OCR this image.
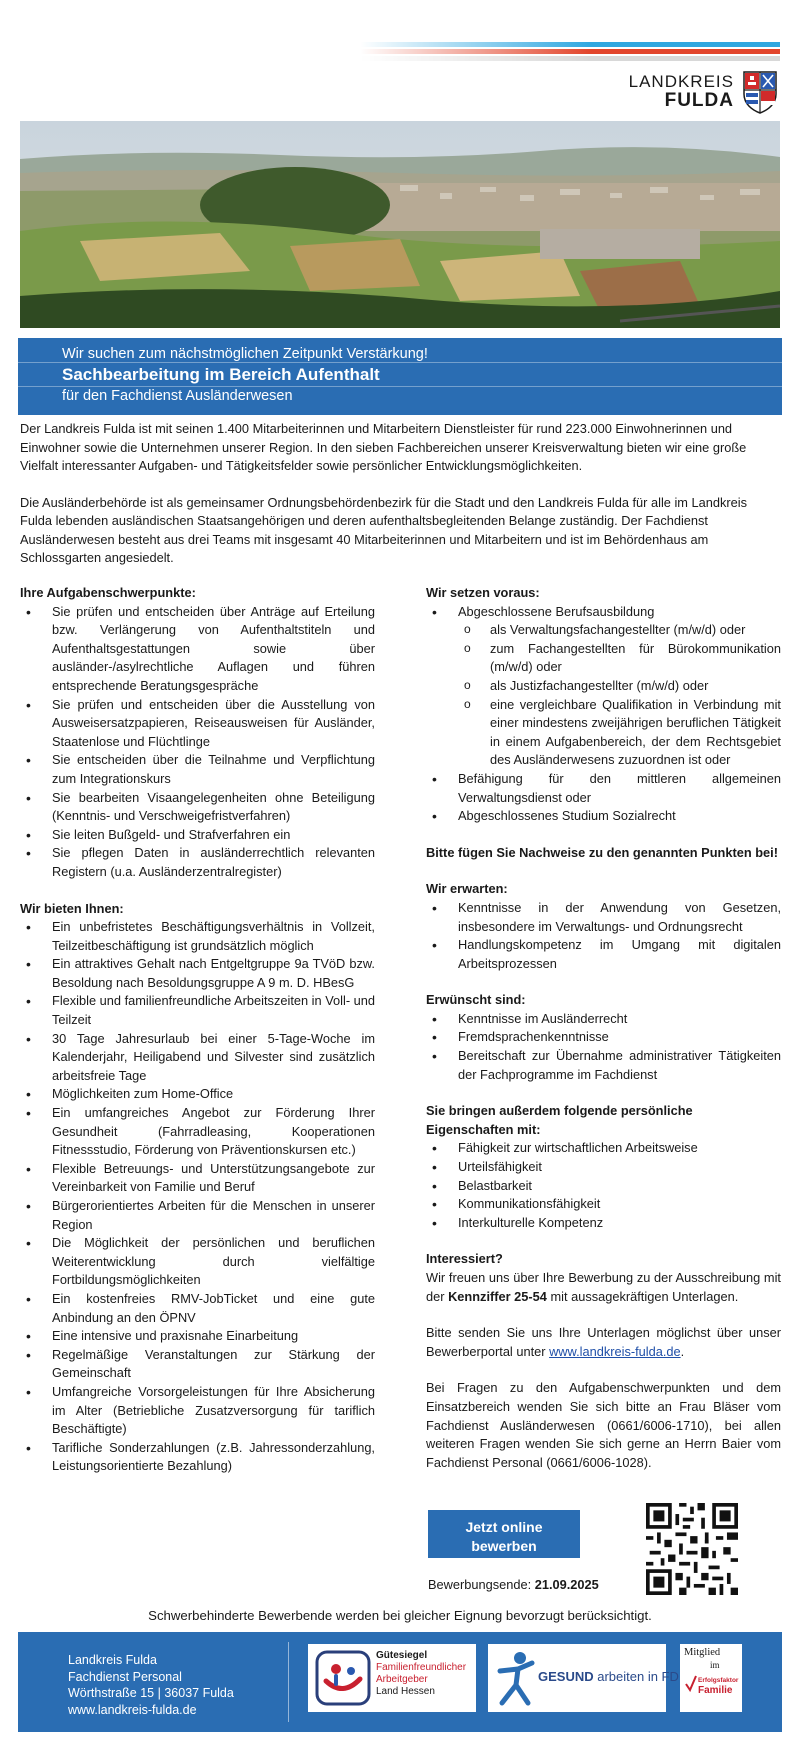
LANDKREIS
FULDA
Wir suchen zum nächstmöglichen Zeitpunkt Verstärkung!
Sachbearbeitung im Bereich Aufenthalt
für den Fachdienst Ausländerwesen

Der Landkreis Fulda ist mit seinen 1.400 Mitarbeiterinnen und Mitarbeitern Dienstleister für rund 223.000 Einwohnerinnen und Einwohner sowie die Unternehmen unserer Region. In den sieben Fachbereichen unserer Kreisverwaltung bieten wir eine große Vielfalt interessanter Aufgaben- und Tätigkeitsfelder sowie persönlicher Entwicklungsmöglichkeiten.

Die Ausländerbehörde ist als gemeinsamer Ordnungsbehördenbezirk für die Stadt und den Landkreis Fulda für alle im Landkreis Fulda lebenden ausländischen Staatsangehörigen und deren aufenthaltsbegleitenden Belange zuständig. Der Fachdienst Ausländerwesen besteht aus drei Teams mit insgesamt 40 Mitarbeiterinnen und Mitarbeitern und ist im Behördenhaus am Schlossgarten angesiedelt.

Ihre Aufgabenschwerpunkte:
• Sie prüfen und entscheiden über Anträge auf Erteilung bzw. Verlängerung von Aufenthaltstiteln und Aufenthaltsgestattungen sowie über ausländer-/asylrechtliche Auflagen und führen entsprechende Beratungsgespräche
• Sie prüfen und entscheiden über die Ausstellung von Ausweisersatzpapieren, Reiseausweisen für Ausländer, Staatenlose und Flüchtlinge
• Sie entscheiden über die Teilnahme und Verpflichtung zum Integrationskurs
• Sie bearbeiten Visaangelegenheiten ohne Beteiligung (Kenntnis- und Verschweigefristverfahren)
• Sie leiten Bußgeld- und Strafverfahren ein
• Sie pflegen Daten in ausländerrechtlich relevanten Registern (u.a. Ausländerzentralregister)
Wir bieten Ihnen:
• Ein unbefristetes Beschäftigungsverhältnis in Vollzeit, Teilzeitbeschäftigung ist grundsätzlich möglich
• Ein attraktives Gehalt nach Entgeltgruppe 9a TVöD bzw. Besoldung nach Besoldungsgruppe A 9 m. D. HBesG
• Flexible und familienfreundliche Arbeitszeiten in Voll- und Teilzeit
• 30 Tage Jahresurlaub bei einer 5-Tage-Woche im Kalenderjahr, Heiligabend und Silvester sind zusätzlich arbeitsfreie Tage
• Möglichkeiten zum Home-Office
• Ein umfangreiches Angebot zur Förderung Ihrer Gesundheit (Fahrradleasing, Kooperationen Fitnessstudio, Förderung von Präventionskursen etc.)
• Flexible Betreuungs- und Unterstützungsangebote zur Vereinbarkeit von Familie und Beruf
• Bürgerorientiertes Arbeiten für die Menschen in unserer Region
• Die Möglichkeit der persönlichen und beruflichen Weiterentwicklung durch vielfältige Fortbildungsmöglichkeiten
• Ein kostenfreies RMV-JobTicket und eine gute Anbindung an den ÖPNV
• Eine intensive und praxisnahe Einarbeitung
• Regelmäßige Veranstaltungen zur Stärkung der Gemeinschaft
• Umfangreiche Vorsorgeleistungen für Ihre Absicherung im Alter (Betriebliche Zusatzversorgung für tariflich Beschäftigte)
• Tarifliche Sonderzahlungen (z.B. Jahressonderzahlung, Leistungsorientierte Bezahlung)
Wir setzen voraus:
• Abgeschlossene Berufsausbildung
o als Verwaltungsfachangestellter (m/w/d) oder
o zum Fachangestellten für Bürokommunikation (m/w/d) oder
o als Justizfachangestellter (m/w/d) oder
o eine vergleichbare Qualifikation in Verbindung mit einer mindestens zweijährigen beruflichen Tätigkeit in einem Aufgabenbereich, der dem Rechtsgebiet des Ausländerwesens zuzuordnen ist oder
• Befähigung für den mittleren allgemeinen Verwaltungsdienst oder
• Abgeschlossenes Studium Sozialrecht
Bitte fügen Sie Nachweise zu den genannten Punkten bei!
Wir erwarten:
• Kenntnisse in der Anwendung von Gesetzen, insbesondere im Verwaltungs- und Ordnungsrecht
• Handlungskompetenz im Umgang mit digitalen Arbeitsprozessen
Erwünscht sind:
• Kenntnisse im Ausländerrecht
• Fremdsprachenkenntnisse
• Bereitschaft zur Übernahme administrativer Tätigkeiten der Fachprogramme im Fachdienst
Sie bringen außerdem folgende persönliche Eigenschaften mit:
• Fähigkeit zur wirtschaftlichen Arbeitsweise
• Urteilsfähigkeit
• Belastbarkeit
• Kommunikationsfähigkeit
• Interkulturelle Kompetenz
Interessiert?
Wir freuen uns über Ihre Bewerbung zu der Ausschreibung mit der Kennziffer 25-54 mit aussagekräftigen Unterlagen.
Bitte senden Sie uns Ihre Unterlagen möglichst über unser Bewerberportal unter www.landkreis-fulda.de.
Bei Fragen zu den Aufgabenschwerpunkten und dem Einsatzbereich wenden Sie sich bitte an Frau Bläser vom Fachdienst Ausländerwesen (0661/6006-1710), bei allen weiteren Fragen wenden Sie sich gerne an Herrn Baier vom Fachdienst Personal (0661/6006-1028).
Jetzt online
bewerben
Bewerbungsende: 21.09.2025
Schwerbehinderte Bewerbende werden bei gleicher Eignung bevorzugt berücksichtigt.
Landkreis Fulda
Fachdienst Personal
Wörthstraße 15 | 36037 Fulda
www.landkreis-fulda.de
Gütesiegel
Familienfreundlicher
Arbeitgeber
Land Hessen
GESUND arbeiten in FD
Mitglied
im
Erfolgsfaktor
Familie
